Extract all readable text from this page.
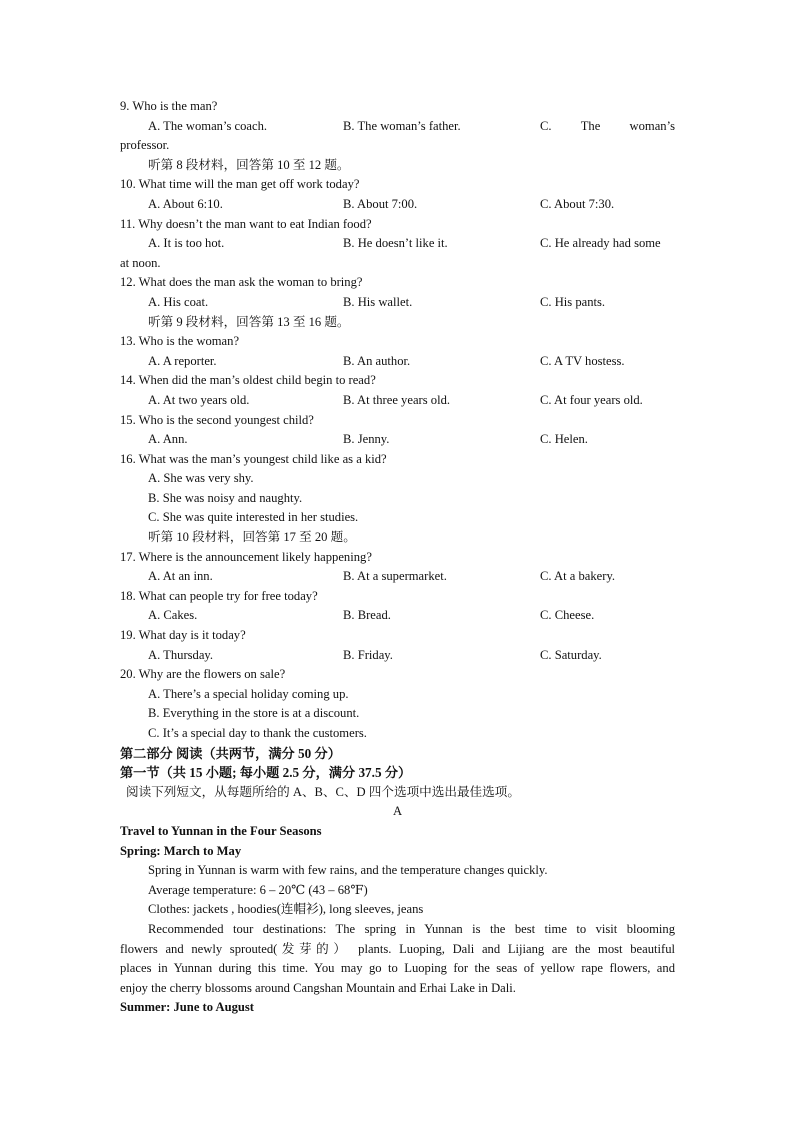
9. Who is the man?
A. The woman’s coach.	B. The woman’s father.	C. The woman’s
professor.
听第 8 段材料，回答第 10 至 12 题。
10. What time will the man get off work today?
A. About 6:10.	B. About 7:00.	C. About 7:30.
11. Why doesn’t the man want to eat Indian food?
A. It is too hot.	B. He doesn’t like it.	C. He already had some
at noon.
12. What does the man ask the woman to bring?
A. His coat.	B. His wallet.	C. His pants.
听第 9 段材料，回答第 13 至 16 题。
13. Who is the woman?
A. A reporter.	B. An author.	C. A TV hostess.
14. When did the man’s oldest child begin to read?
A. At two years old.	B. At three years old.	C. At four years old.
15. Who is the second youngest child?
A. Ann.	B. Jenny.	C. Helen.
16. What was the man’s youngest child like as a kid?
A. She was very shy.
B. She was noisy and naughty.
C. She was quite interested in her studies.
听第 10 段材料，回答第 17 至 20 题。
17. Where is the announcement likely happening?
A. At an inn.	B. At a supermarket.	C. At a bakery.
18. What can people try for free today?
A. Cakes.	B. Bread.	C. Cheese.
19. What day is it today?
A. Thursday.	B. Friday.	C. Saturday.
20. Why are the flowers on sale?
A. There’s a special holiday coming up.
B. Everything in the store is at a discount.
C. It’s a special day to thank the customers.
第二部分 阅读（共两节，满分 50 分）
第一节（共 15 小题; 每小题 2.5 分，满分 37.5 分）
阅读下列短文，从每题所给的 A、B、C、D 四个选项中选出最佳选项。
A
Travel to Yunnan in the Four Seasons
Spring: March to May
Spring in Yunnan is warm with few rains, and the temperature changes quickly.
Average temperature: 6 – 20℃ (43 – 68℉)
Clothes: jackets , hoodies(连帽衫), long sleeves, jeans
Recommended tour destinations: The spring in Yunnan is the best time to visit blooming
flowers and newly sprouted(发芽的） plants. Luoping, Dali and Lijiang are the most beautiful
places in Yunnan during this time. You may go to Luoping for the seas of yellow rape flowers, and
enjoy the cherry blossoms around Cangshan Mountain and Erhai Lake in Dali.
Summer: June to August
